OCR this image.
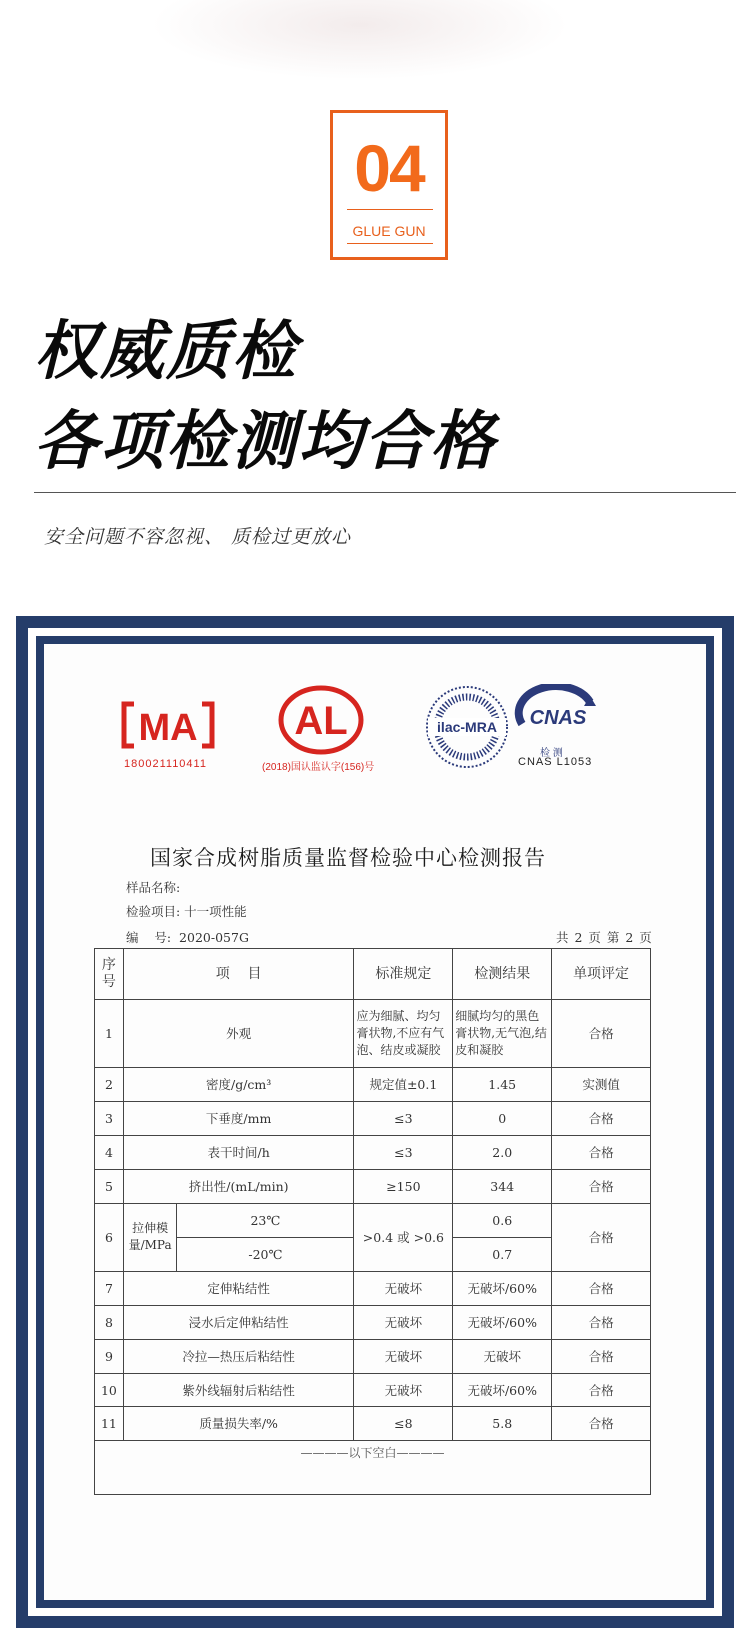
04
GLUE GUN
权威质检
各项检测均合格
安全问题不容忽视、 质检过更放心
MA
180021110411
AL
(2018)国认监认字(156)号
ilac-MRA CNAS
检 测
CNAS L1053
国家合成树脂质量监督检验中心检测报告
样品名称:
检验项目: 十一项性能
编    号:  2020-057G	共 2 页 第 2 页
序号	项    目		标准规定	检测结果	单项评定
1	外观		应为细腻、均匀膏状物,不应有气泡、结皮或凝胶	细腻均匀的黑色膏状物,无气泡,结皮和凝胶	合格
2	密度/g/cm³		规定值±0.1	1.45	实测值
3	下垂度/mm		≤3	0	合格
4	表干时间/h		≤3	2.0	合格
5	挤出性/(mL/min)		≥150	344	合格
6	拉伸模量/MPa	23℃	>0.4 或 >0.6	0.6	合格
		-20℃		0.7	
7	定伸粘结性		无破坏	无破坏/60%	合格
8	浸水后定伸粘结性		无破坏	无破坏/60%	合格
9	冷拉—热压后粘结性		无破坏	无破坏	合格
10	紫外线辐射后粘结性		无破坏	无破坏/60%	合格
11	质量损失率/%		≤8	5.8	合格
————以下空白————					
